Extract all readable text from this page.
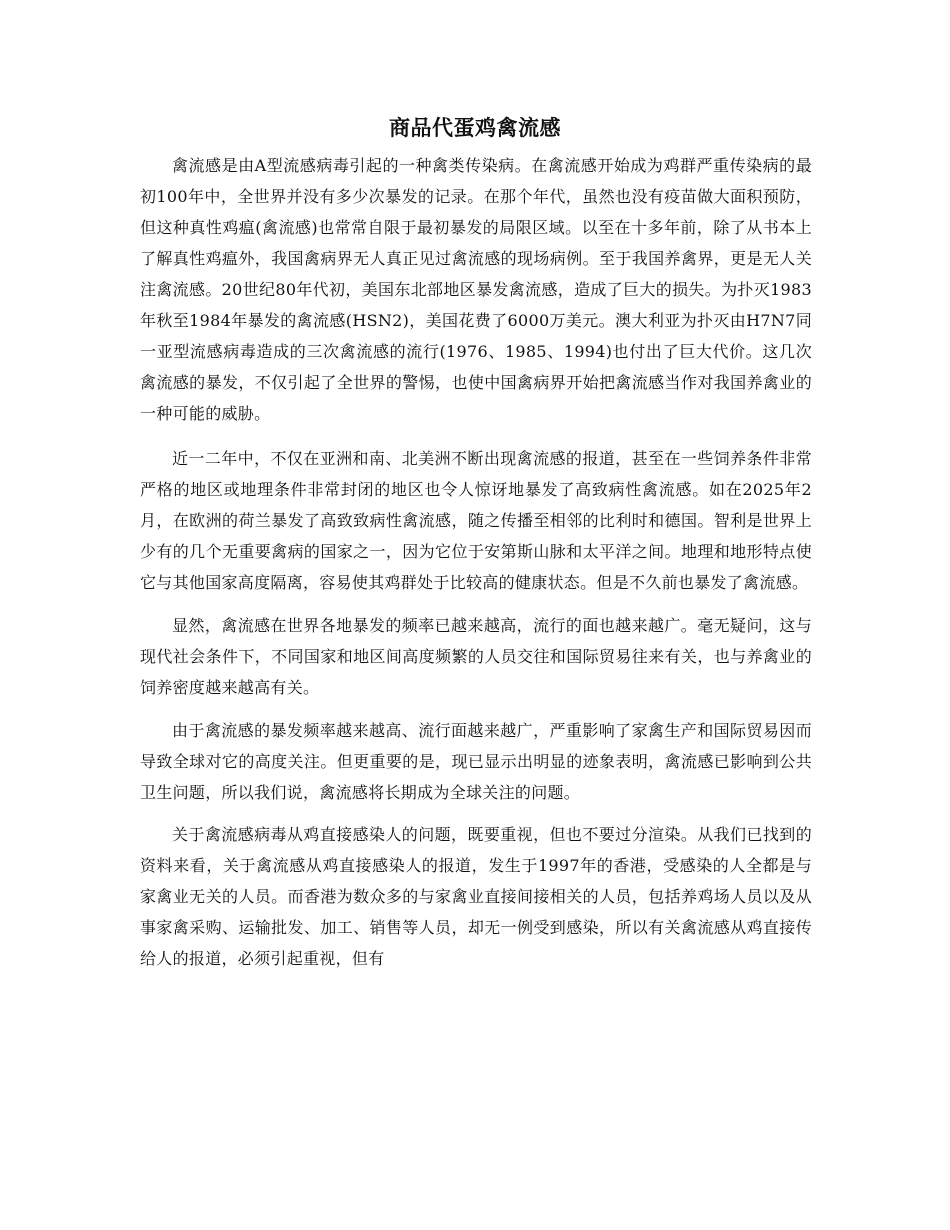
商品代蛋鸡禽流感

禽流感是由A型流感病毒引起的一种禽类传染病。在禽流感开始成为鸡群严重传染病的最初100年中，全世界并没有多少次暴发的记录。在那个年代，虽然也没有疫苗做大面积预防，但这种真性鸡瘟(禽流感)也常常自限于最初暴发的局限区域。以至在十多年前，除了从书本上了解真性鸡瘟外，我国禽病界无人真正见过禽流感的现场病例。至于我国养禽界，更是无人关注禽流感。20世纪80年代初，美国东北部地区暴发禽流感，造成了巨大的损失。为扑灭1983年秋至1984年暴发的禽流感(HSN2)，美国花费了6000万美元。澳大利亚为扑灭由H7N7同一亚型流感病毒造成的三次禽流感的流行(1976、1985、1994)也付出了巨大代价。这几次禽流感的暴发，不仅引起了全世界的警惕，也使中国禽病界开始把禽流感当作对我国养禽业的一种可能的威胁。

近一二年中，不仅在亚洲和南、北美洲不断出现禽流感的报道，甚至在一些饲养条件非常严格的地区或地理条件非常封闭的地区也令人惊讶地暴发了高致病性禽流感。如在2025年2月，在欧洲的荷兰暴发了高致致病性禽流感，随之传播至相邻的比利时和德国。智利是世界上少有的几个无重要禽病的国家之一，因为它位于安第斯山脉和太平洋之间。地理和地形特点使它与其他国家高度隔离，容易使其鸡群处于比较高的健康状态。但是不久前也暴发了禽流感。

显然，禽流感在世界各地暴发的频率已越来越高，流行的面也越来越广。毫无疑问，这与现代社会条件下，不同国家和地区间高度频繁的人员交往和国际贸易往来有关，也与养禽业的饲养密度越来越高有关。

由于禽流感的暴发频率越来越高、流行面越来越广，严重影响了家禽生产和国际贸易因而导致全球对它的高度关注。但更重要的是，现已显示出明显的迹象表明，禽流感已影响到公共卫生问题，所以我们说，禽流感将长期成为全球关注的问题。

关于禽流感病毒从鸡直接感染人的问题，既要重视，但也不要过分渲染。从我们已找到的资料来看，关于禽流感从鸡直接感染人的报道，发生于1997年的香港，受感染的人全都是与家禽业无关的人员。而香港为数众多的与家禽业直接间接相关的人员，包括养鸡场人员以及从事家禽采购、运输批发、加工、销售等人员，却无一例受到感染，所以有关禽流感从鸡直接传给人的报道，必须引起重视，但有
